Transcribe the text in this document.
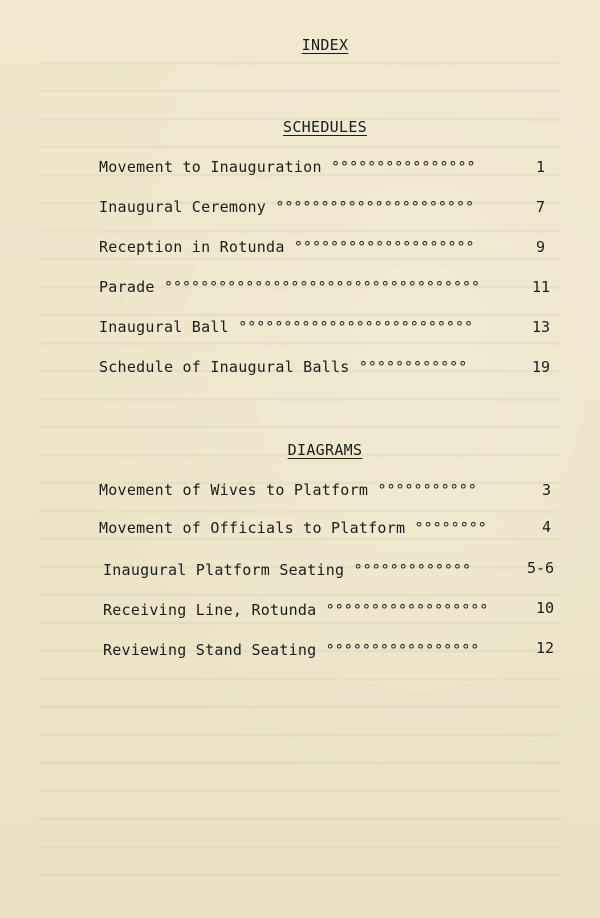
INDEX
SCHEDULES
Movement to Inauguration °°°°°°°°°°°°°°°°	1
Inaugural Ceremony °°°°°°°°°°°°°°°°°°°°°°	7
Reception in Rotunda °°°°°°°°°°°°°°°°°°°°	9
Parade °°°°°°°°°°°°°°°°°°°°°°°°°°°°°°°°°°°	11
Inaugural Ball °°°°°°°°°°°°°°°°°°°°°°°°°°	13
Schedule of Inaugural Balls °°°°°°°°°°°°	19
DIAGRAMS
Movement of Wives to Platform °°°°°°°°°°°	3
Movement of Officials to Platform °°°°°°°°	4
Inaugural Platform Seating °°°°°°°°°°°°°	5-6
Receiving Line, Rotunda °°°°°°°°°°°°°°°°°°	10
Reviewing Stand Seating °°°°°°°°°°°°°°°°°	12
